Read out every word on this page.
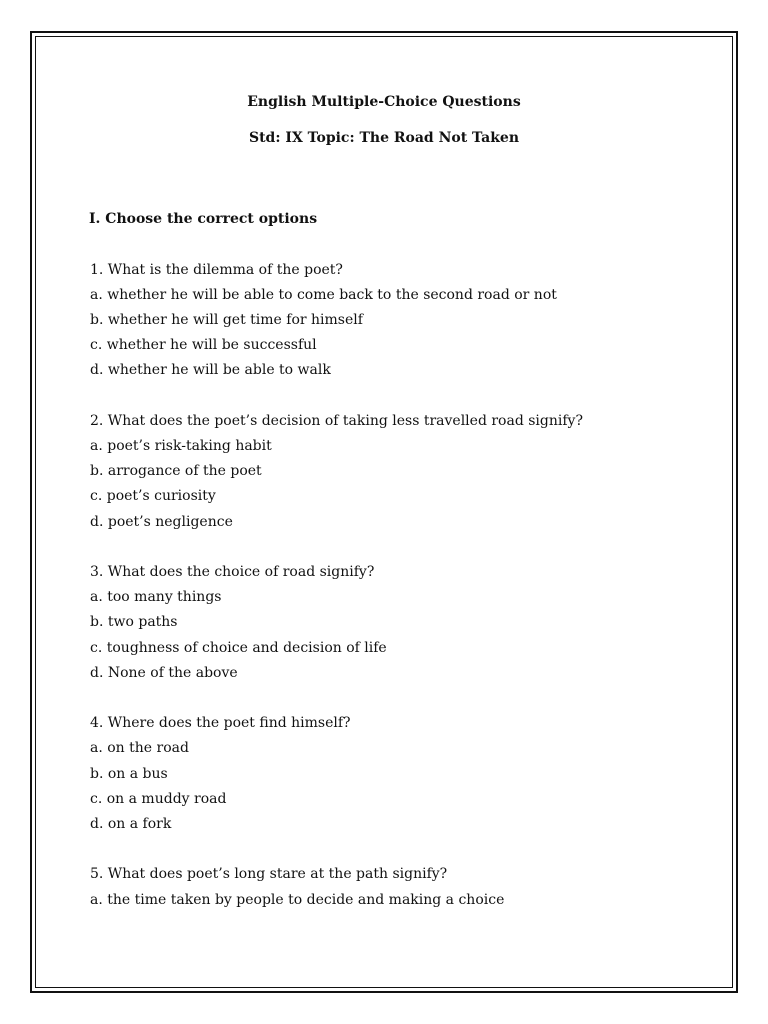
English Multiple-Choice Questions
Std: IX Topic: The Road Not Taken
I. Choose the correct options
1. What is the dilemma of the poet?
a. whether he will be able to come back to the second road or not
b. whether he will get time for himself
c. whether he will be successful
d. whether he will be able to walk
2. What does the poet’s decision of taking less travelled road signify?
a. poet’s risk-taking habit
b. arrogance of the poet
c. poet’s curiosity
d. poet’s negligence
3. What does the choice of road signify?
a. too many things
b. two paths
c. toughness of choice and decision of life
d. None of the above
4. Where does the poet find himself?
a. on the road
b. on a bus
c. on a muddy road
d. on a fork
5. What does poet’s long stare at the path signify?
a. the time taken by people to decide and making a choice
